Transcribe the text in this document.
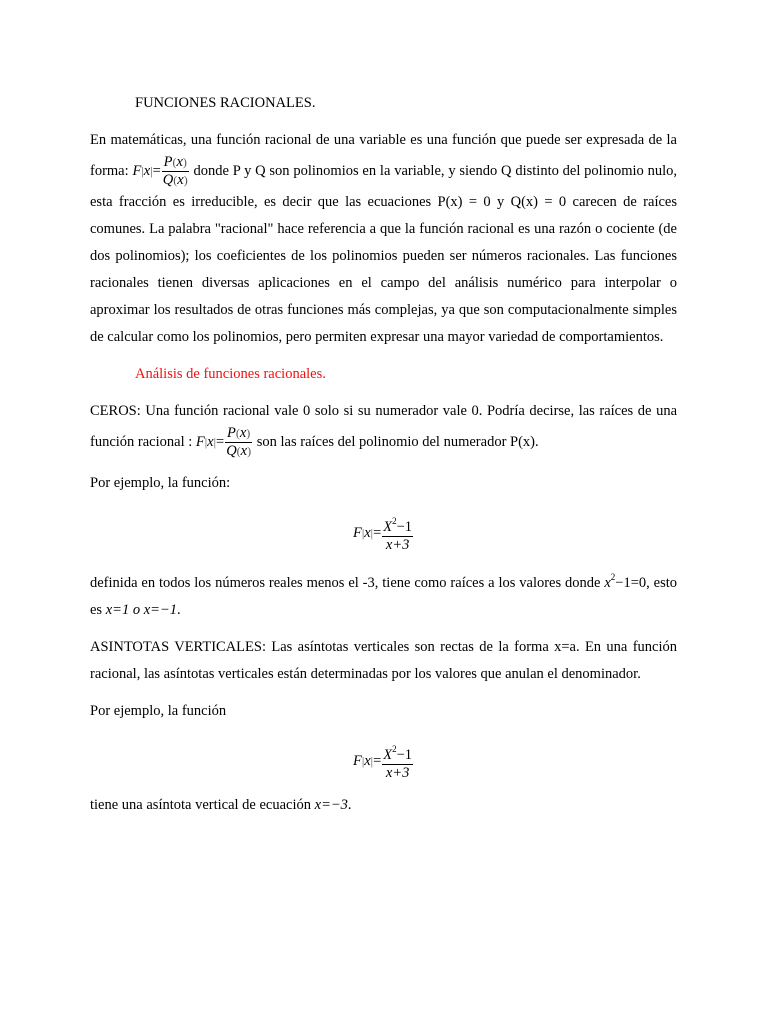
FUNCIONES RACIONALES.

En matemáticas, una función racional de una variable es una función que puede ser expresada de la forma: $F|x|= \frac{P(x)}{Q(x)}$ donde P y Q son polinomios en la variable, y siendo Q distinto del polinomio nulo, esta fracción es irreducible, es decir que las ecuaciones P(x) = 0 y Q(x) = 0 carecen de raíces comunes. La palabra "racional" hace referencia a que la función racional es una razón o cociente (de dos polinomios); los coeficientes de los polinomios pueden ser números racionales. Las funciones racionales tienen diversas aplicaciones en el campo del análisis numérico para interpolar o aproximar los resultados de otras funciones más complejas, ya que son computacionalmente simples de calcular como los polinomios, pero permiten expresar una mayor variedad de comportamientos.

Análisis de funciones racionales.

CEROS: Una función racional vale 0 solo si su numerador vale 0. Podría decirse, las raíces de una función racional : $F|x|= \frac{P(x)}{Q(x)}$ son las raíces del polinomio del numerador P(x).

Por ejemplo, la función:

$F|x|= \frac{X^2-1}{x+3}$

definida en todos los números reales menos el -3, tiene como raíces a los valores donde $x^2-1=0$, esto es x=1 o x=−1.

ASINTOTAS VERTICALES: Las asíntotas verticales son rectas de la forma x=a. En una función racional, las asíntotas verticales están determinadas por los valores que anulan el denominador.

Por ejemplo, la función

$F|x|= \frac{X^2-1}{x+3}$

tiene una asíntota vertical de ecuación x=−3.
